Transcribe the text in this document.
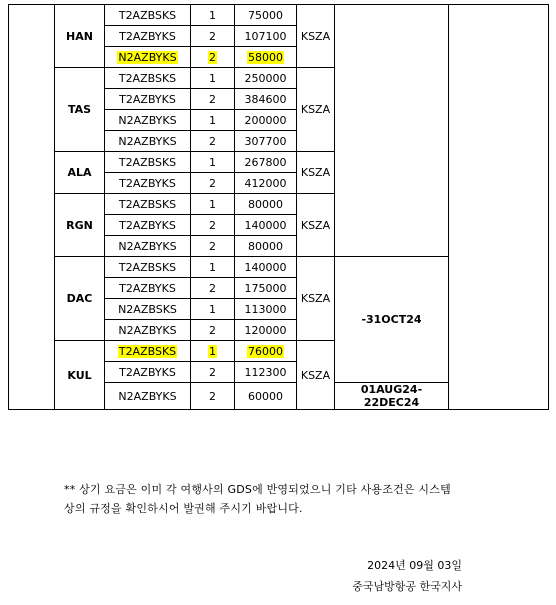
	HAN	T2AZBSKS	1	75000	KSZA		
		T2AZBYKS	2	107100			
		N2AZBYKS	2	58000			
	TAS	T2AZBSKS	1	250000	KSZA		
		T2AZBYKS	2	384600			
		N2AZBYKS	1	200000			
		N2AZBYKS	2	307700			
	ALA	T2AZBSKS	1	267800	KSZA		
		T2AZBYKS	2	412000			
	RGN	T2AZBSKS	1	80000	KSZA		
		T2AZBYKS	2	140000			
		N2AZBYKS	2	80000			
	DAC	T2AZBSKS	1	140000	KSZA	-31OCT24	
		T2AZBYKS	2	175000			
		N2AZBSKS	1	113000			
		N2AZBYKS	2	120000			
	KUL	T2AZBSKS	1	76000	KSZA		
		T2AZBYKS	2	112300			
		N2AZBYKS	2	60000		01AUG24-22DEC24	
** 상기 요금은 이미 각 여행사의 GDS에 반영되었으니 기타 사용조건은 시스템
상의 규정을 확인하시어 발권해 주시기 바랍니다.
2024년 09월 03일
중국남방항공 한국지사
